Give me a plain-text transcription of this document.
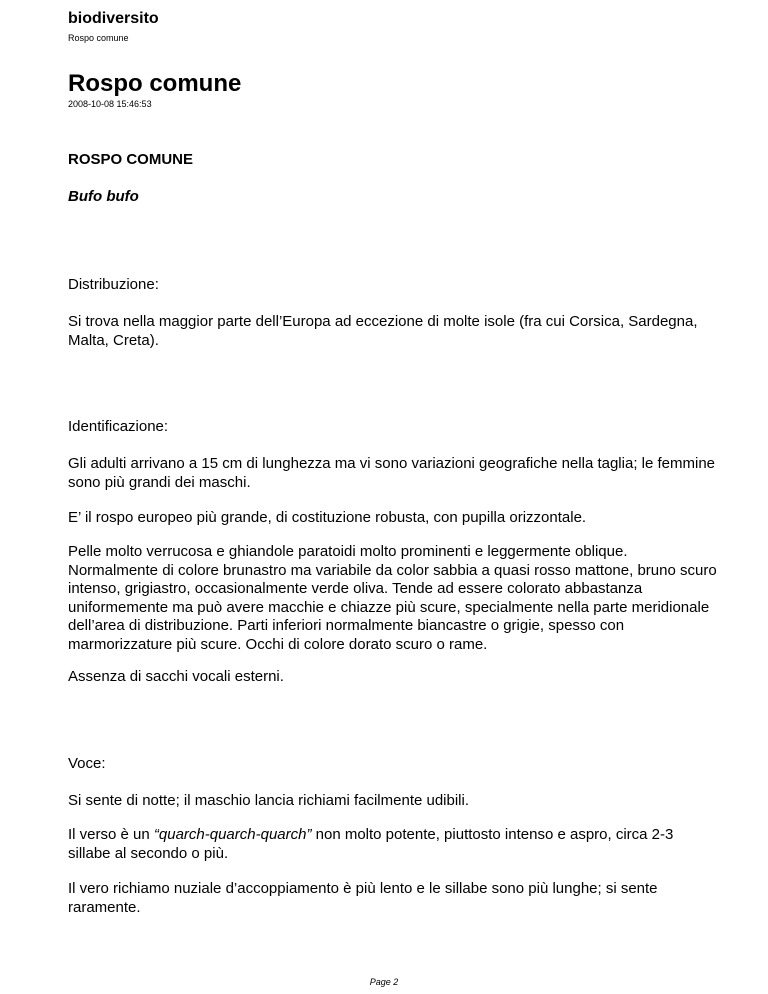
biodiversito
Rospo comune
Rospo comune
2008-10-08 15:46:53

ROSPO COMUNE

Bufo bufo

Distribuzione:

Si trova nella maggior parte dell’Europa ad eccezione di molte isole (fra cui Corsica, Sardegna, Malta, Creta).

Identificazione:

Gli adulti arrivano a 15 cm di lunghezza ma vi sono variazioni geografiche nella taglia; le femmine sono più grandi dei maschi.

E’ il rospo europeo più grande, di costituzione robusta, con pupilla orizzontale.

Pelle molto verrucosa e ghiandole paratoidi molto prominenti e leggermente oblique. Normalmente di colore brunastro ma variabile da color sabbia a quasi rosso mattone, bruno scuro intenso, grigiastro, occasionalmente verde oliva. Tende ad essere colorato abbastanza uniformemente ma può avere macchie e chiazze più scure, specialmente nella parte meridionale dell’area di distribuzione. Parti inferiori normalmente biancastre o grigie, spesso con marmorizzature più scure. Occhi di colore dorato scuro o rame.

Assenza di sacchi vocali esterni.

Voce:

Si sente di notte; il maschio lancia richiami facilmente udibili.

Il verso è un “quarch-quarch-quarch” non molto potente, piuttosto intenso e aspro, circa 2-3 sillabe al secondo o più.

Il vero richiamo nuziale d’accoppiamento è più lento e le sillabe sono più lunghe; si sente raramente.

Page 2
